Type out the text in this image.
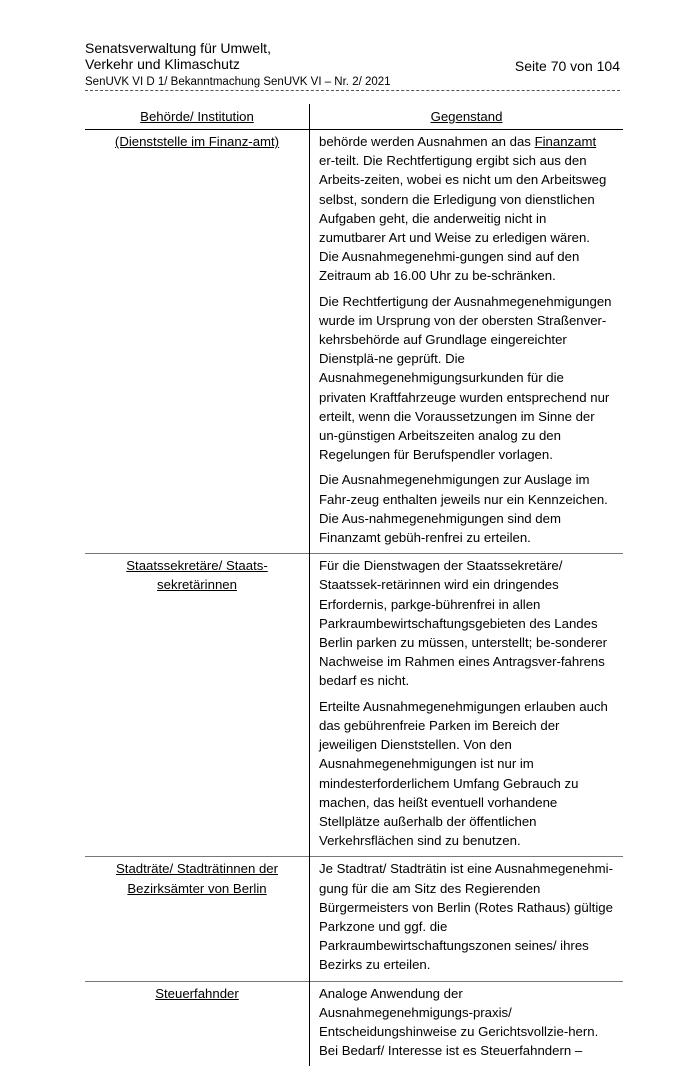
Senatsverwaltung für Umwelt,
Verkehr und Klimaschutz
SenUVK VI D 1/ Bekanntmachung SenUVK VI – Nr. 2/ 2021
Seite 70 von 104
Behörde/ Institution	Gegenstand
(Dienststelle im Finanz-amt)	behörde werden Ausnahmen an das Finanzamt er-teilt. Die Rechtfertigung ergibt sich aus den Arbeits-zeiten, wobei es nicht um den Arbeitsweg selbst, sondern die Erledigung von dienstlichen Aufgaben geht, die anderweitig nicht in zumutbarer Art und Weise zu erledigen wären. Die Ausnahmegenehmi-gungen sind auf den Zeitraum ab 16.00 Uhr zu be-schränken.

Die Rechtfertigung der Ausnahmegenehmigungen wurde im Ursprung von der obersten Straßenver-kehrsbehörde auf Grundlage eingereichter Dienstplä-ne geprüft. Die Ausnahmegenehmigungsurkunden für die privaten Kraftfahrzeuge wurden entsprechend nur erteilt, wenn die Voraussetzungen im Sinne der un-günstigen Arbeitszeiten analog zu den Regelungen für Berufspendler vorlagen.

Die Ausnahmegenehmigungen zur Auslage im Fahr-zeug enthalten jeweils nur ein Kennzeichen. Die Aus-nahmegenehmigungen sind dem Finanzamt gebüh-renfrei zu erteilen.

Staatssekretäre/ Staats-sekretärinnen	Für die Dienstwagen der Staatssekretäre/ Staatssek-retärinnen wird ein dringendes Erfordernis, parkge-bührenfrei in allen Parkraumbewirtschaftungsgebieten des Landes Berlin parken zu müssen, unterstellt; be-sonderer Nachweise im Rahmen eines Antragsver-fahrens bedarf es nicht.

Erteilte Ausnahmegenehmigungen erlauben auch das gebührenfreie Parken im Bereich der jeweiligen Dienststellen. Von den Ausnahmegenehmigungen ist nur im mindesterforderlichem Umfang Gebrauch zu machen, das heißt eventuell vorhandene Stellplätze außerhalb der öffentlichen Verkehrsflächen sind zu benutzen.

Stadträte/ Stadträtinnen der Bezirksämter von Berlin	Je Stadtrat/ Stadträtin ist eine Ausnahmegenehmi-gung für die am Sitz des Regierenden Bürgermeisters von Berlin (Rotes Rathaus) gültige Parkzone und ggf. die Parkraumbewirtschaftungszonen seines/ ihres Bezirks zu erteilen.

Steuerfahnder	Analoge Anwendung der Ausnahmegenehmigungs-praxis/ Entscheidungshinweise zu Gerichtsvollzie-hern. Bei Bedarf/ Interesse ist es Steuerfahndern –
